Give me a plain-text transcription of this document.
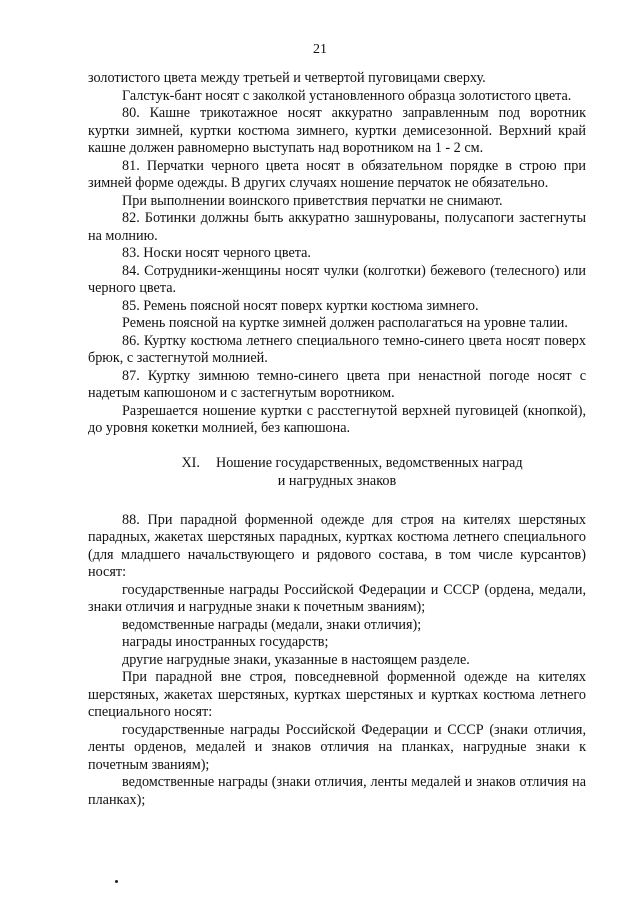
21

золотистого цвета между третьей и четвертой пуговицами сверху.

Галстук-бант носят с заколкой установленного образца золотистого цвета.

80. Кашне трикотажное носят аккуратно заправленным под воротник куртки зимней, куртки костюма зимнего, куртки демисезонной. Верхний край кашне должен равномерно выступать над воротником на 1 - 2 см.

81. Перчатки черного цвета носят в обязательном порядке в строю при зимней форме одежды. В других случаях ношение перчаток не обязательно.

При выполнении воинского приветствия перчатки не снимают.

82. Ботинки должны быть аккуратно зашнурованы, полусапоги застегнуты на молнию.

83. Носки носят черного цвета.

84. Сотрудники-женщины носят чулки (колготки) бежевого (телесного) или черного цвета.

85. Ремень поясной носят поверх куртки костюма зимнего.

Ремень поясной на куртке зимней должен располагаться на уровне талии.

86. Куртку костюма летнего специального темно-синего цвета носят поверх брюк, с застегнутой молнией.

87. Куртку зимнюю темно-синего цвета при ненастной погоде носят с надетым капюшоном и с застегнутым воротником.

Разрешается ношение куртки с расстегнутой верхней пуговицей (кнопкой), до уровня кокетки молнией, без капюшона.

XI. Ношение государственных, ведомственных наград
и нагрудных знаков

88. При парадной форменной одежде для строя на кителях шерстяных парадных, жакетах шерстяных парадных, куртках костюма летнего специального (для младшего начальствующего и рядового состава, в том числе курсантов) носят:

государственные награды Российской Федерации и СССР (ордена, медали, знаки отличия и нагрудные знаки к почетным званиям);

ведомственные награды (медали, знаки отличия);

награды иностранных государств;

другие нагрудные знаки, указанные в настоящем разделе.

При парадной вне строя, повседневной форменной одежде на кителях шерстяных, жакетах шерстяных, куртках шерстяных и куртках костюма летнего специального носят:

государственные награды Российской Федерации и СССР (знаки отличия, ленты орденов, медалей и знаков отличия на планках, нагрудные знаки к почетным званиям);

ведомственные награды (знаки отличия, ленты медалей и знаков отличия на планках);
